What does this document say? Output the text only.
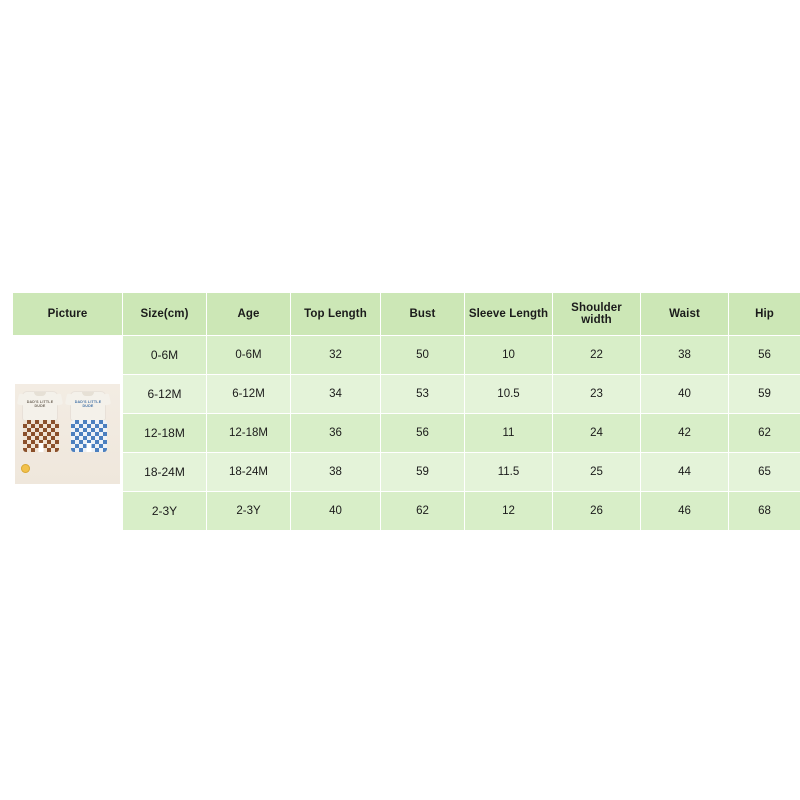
Picture	Size(cm)	Age	Top Length	Bust	Sleeve Length	Shoulder width	Waist	Hip

DAD'S LITTLE DUDE
DAD'S LITTLE DUDE	0-6M	0-6M	32	50	10	22	38	56
	6-12M	6-12M	34	53	10.5	23	40	59
	12-18M	12-18M	36	56	11	24	42	62
	18-24M	18-24M	38	59	11.5	25	44	65
	2-3Y	2-3Y	40	62	12	26	46	68
